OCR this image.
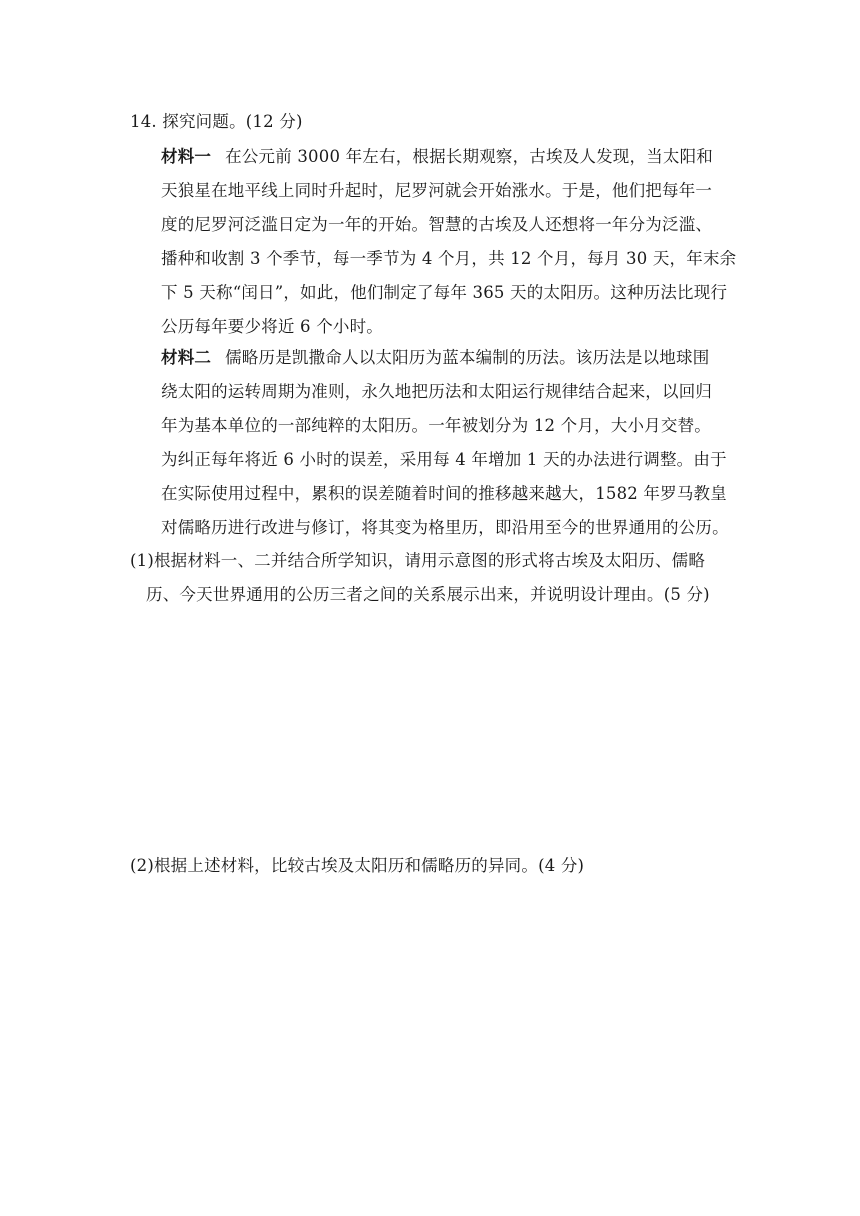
14. 探究问题。(12 分)
材料一 在公元前 3000 年左右，根据长期观察，古埃及人发现，当太阳和
天狼星在地平线上同时升起时，尼罗河就会开始涨水。于是，他们把每年一
度的尼罗河泛滥日定为一年的开始。智慧的古埃及人还想将一年分为泛滥、
播种和收割 3 个季节，每一季节为 4 个月，共 12 个月，每月 30 天，年末余
下 5 天称“闰日”，如此，他们制定了每年 365 天的太阳历。这种历法比现行
公历每年要少将近 6 个小时。
材料二 儒略历是凯撒命人以太阳历为蓝本编制的历法。该历法是以地球围
绕太阳的运转周期为准则，永久地把历法和太阳运行规律结合起来，以回归
年为基本单位的一部纯粹的太阳历。一年被划分为 12 个月，大小月交替。
为纠正每年将近 6 小时的误差，采用每 4 年增加 1 天的办法进行调整。由于
在实际使用过程中，累积的误差随着时间的推移越来越大，1582 年罗马教皇
对儒略历进行改进与修订，将其变为格里历，即沿用至今的世界通用的公历。
(1)根据材料一、二并结合所学知识，请用示意图的形式将古埃及太阳历、儒略
历、今天世界通用的公历三者之间的关系展示出来，并说明设计理由。(5 分)
(2)根据上述材料，比较古埃及太阳历和儒略历的异同。(4 分)
